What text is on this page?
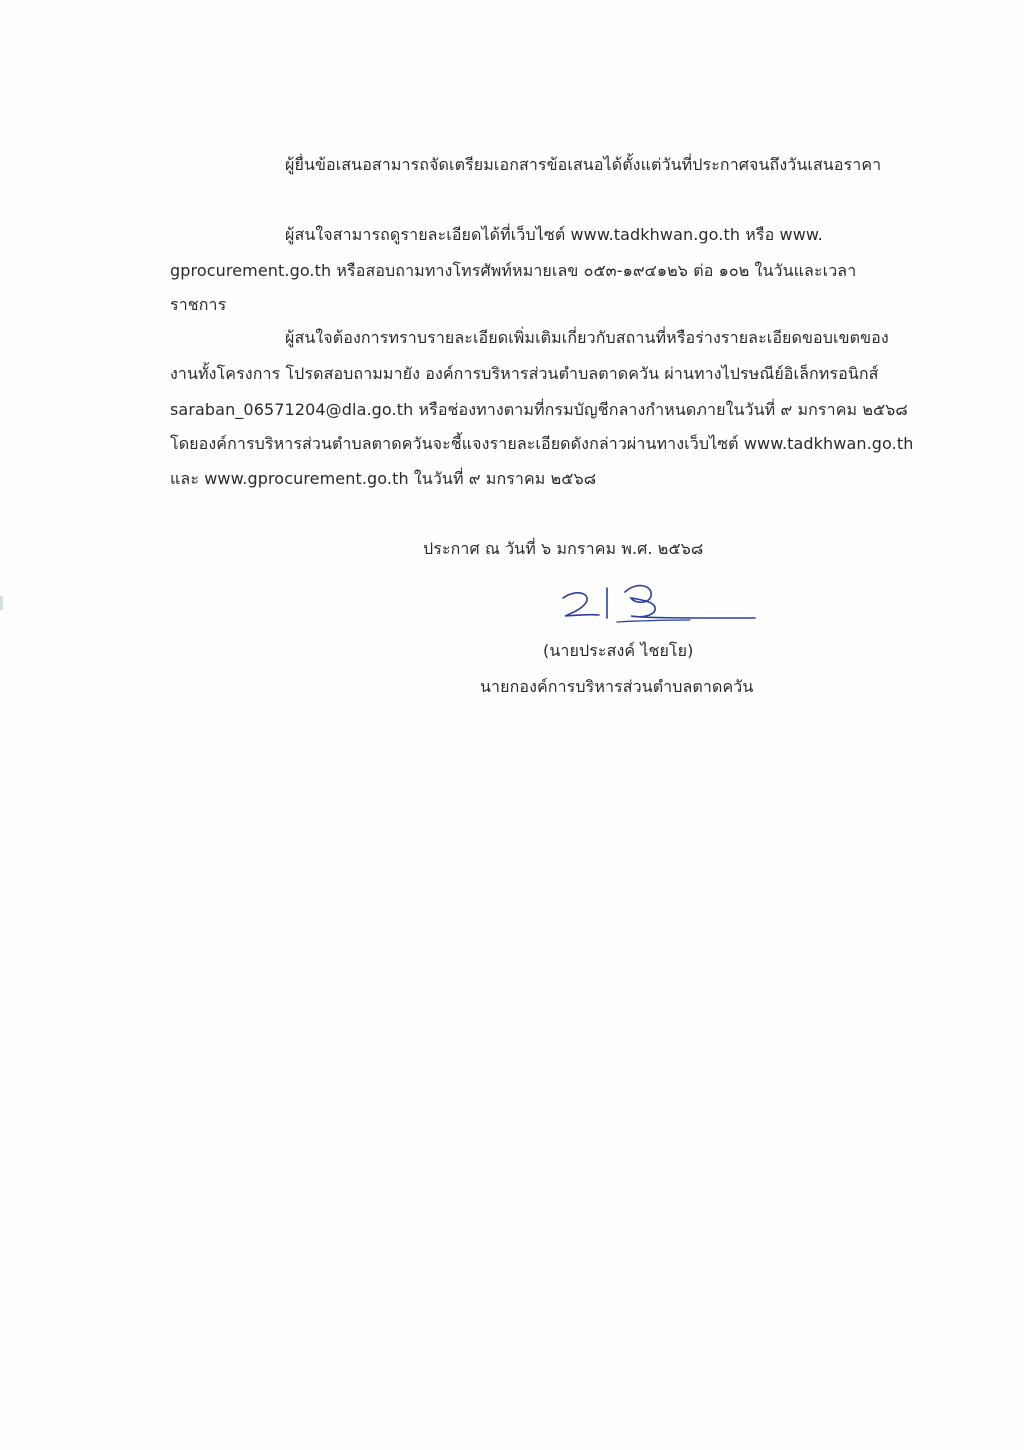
ผู้ยื่นข้อเสนอสามารถจัดเตรียมเอกสารข้อเสนอได้ตั้งแต่วันที่ประกาศจนถึงวันเสนอราคา
ผู้สนใจสามารถดูรายละเอียดได้ที่เว็บไซต์ www.tadkhwan.go.th หรือ www.
gprocurement.go.th หรือสอบถามทางโทรศัพท์หมายเลข ๐๕๓-๑๙๔๑๒๖ ต่อ ๑๐๒ ในวันและเวลา
ราชการ
ผู้สนใจต้องการทราบรายละเอียดเพิ่มเติมเกี่ยวกับสถานที่หรือร่างรายละเอียดขอบเขตของ
งานทั้งโครงการ โปรดสอบถามมายัง องค์การบริหารส่วนตำบลตาดควัน ผ่านทางไปรษณีย์อิเล็กทรอนิกส์
saraban_06571204@dla.go.th หรือช่องทางตามที่กรมบัญชีกลางกำหนดภายในวันที่ ๙ มกราคม ๒๕๖๘
โดยองค์การบริหารส่วนตำบลตาดควันจะชี้แจงรายละเอียดดังกล่าวผ่านทางเว็บไซต์ www.tadkhwan.go.th
และ www.gprocurement.go.th ในวันที่ ๙ มกราคม ๒๕๖๘
ประกาศ ณ วันที่ ๖ มกราคม พ.ศ. ๒๕๖๘
(นายประสงค์ ไชยโย)
นายกองค์การบริหารส่วนตำบลตาดควัน
